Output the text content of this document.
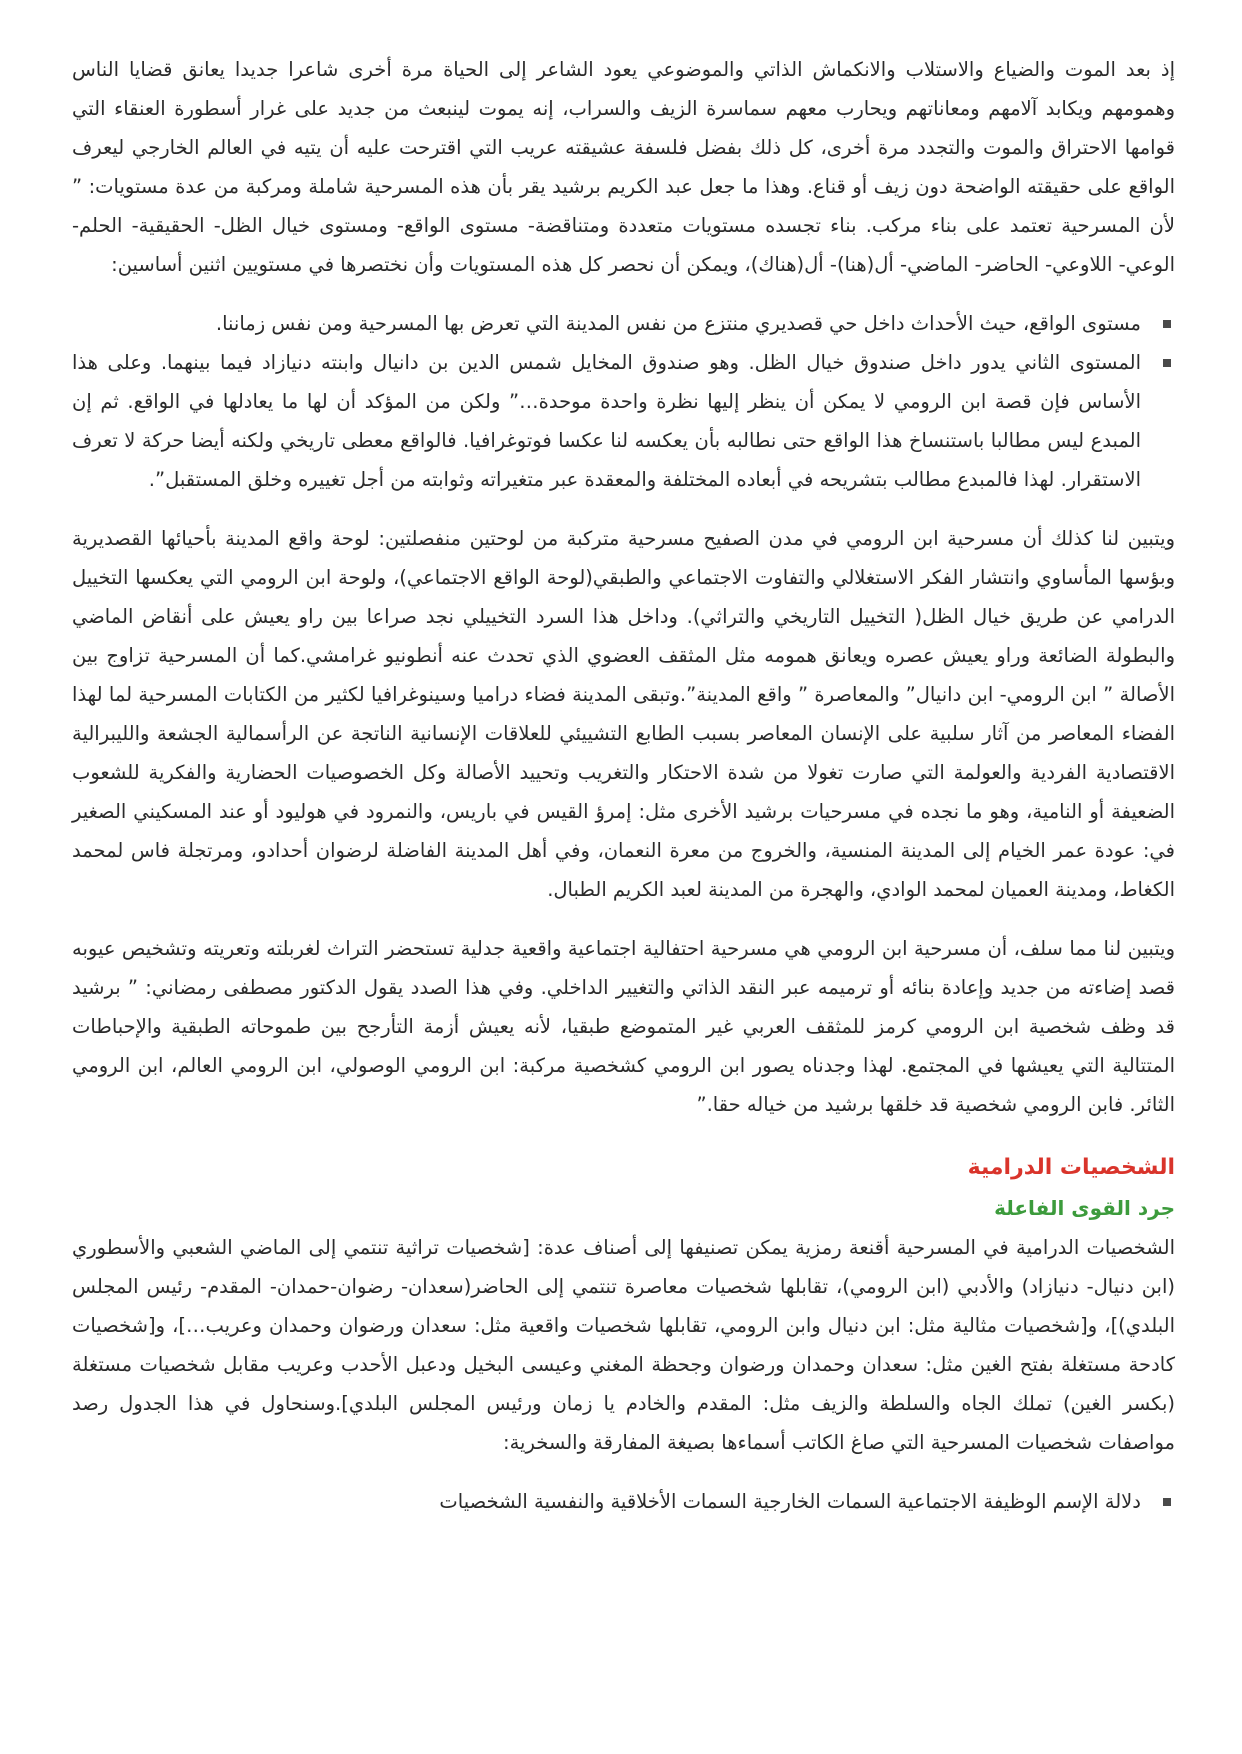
إذ بعد الموت والضياع والاستلاب والانكماش الذاتي والموضوعي يعود الشاعر إلى الحياة مرة أخرى شاعرا جديدا يعانق قضايا الناس وهمومهم ويكابد آلامهم ومعاناتهم ويحارب معهم سماسرة الزيف والسراب، إنه يموت لينبعث من جديد على غرار أسطورة العنقاء التي قوامها الاحتراق والموت والتجدد مرة أخرى، كل ذلك بفضل فلسفة عشيقته عريب التي اقترحت عليه أن يتيه في العالم الخارجي ليعرف الواقع على حقيقته الواضحة دون زيف أو قناع. وهذا ما جعل عبد الكريم برشيد يقر بأن هذه المسرحية شاملة ومركبة من عدة مستويات: ” لأن المسرحية تعتمد على بناء مركب. بناء تجسده مستويات متعددة ومتناقضة- مستوى الواقع- ومستوى خيال الظل- الحقيقية- الحلم- الوعي- اللاوعي- الحاضر- الماضي- أل(هنا)- أل(هناك)، ويمكن أن نحصر كل هذه المستويات وأن نختصرها في مستويين اثنين أساسين:

مستوى الواقع، حيث الأحداث داخل حي قصديري منتزع من نفس المدينة التي تعرض بها المسرحية ومن نفس زماننا.
المستوى الثاني يدور داخل صندوق خيال الظل. وهو صندوق المخايل شمس الدين بن دانيال وابنته دنيازاد فيما بينهما. وعلى هذا الأساس فإن قصة ابن الرومي لا يمكن أن ينظر إليها نظرة واحدة موحدة…” ولكن من المؤكد أن لها ما يعادلها في الواقع. ثم إن المبدع ليس مطالبا باستنساخ هذا الواقع حتى نطالبه بأن يعكسه لنا عكسا فوتوغرافيا. فالواقع معطى تاريخي ولكنه أيضا حركة لا تعرف الاستقرار. لهذا فالمبدع مطالب بتشريحه في أبعاده المختلفة والمعقدة عبر متغيراته وثوابته من أجل تغييره وخلق المستقبل”.

ويتبين لنا كذلك أن مسرحية ابن الرومي في مدن الصفيح مسرحية متركبة من لوحتين منفصلتين: لوحة واقع المدينة بأحيائها القصديرية وبؤسها المأساوي وانتشار الفكر الاستغلالي والتفاوت الاجتماعي والطبقي(لوحة الواقع الاجتماعي)، ولوحة ابن الرومي التي يعكسها التخييل الدرامي عن طريق خيال الظل( التخييل التاريخي والتراثي). وداخل هذا السرد التخييلي نجد صراعا بين راو يعيش على أنقاض الماضي والبطولة الضائعة وراو يعيش عصره ويعانق همومه مثل المثقف العضوي الذي تحدث عنه أنطونيو غرامشي.كما أن المسرحية تزاوج بين الأصالة ” ابن الرومي- ابن دانيال” والمعاصرة ” واقع المدينة”.وتبقى المدينة فضاء دراميا وسينوغرافيا لكثير من الكتابات المسرحية لما لهذا الفضاء المعاصر من آثار سلبية على الإنسان المعاصر بسبب الطابع التشييئي للعلاقات الإنسانية الناتجة عن الرأسمالية الجشعة والليبرالية الاقتصادية الفردية والعولمة التي صارت تغولا من شدة الاحتكار والتغريب وتحييد الأصالة وكل الخصوصيات الحضارية والفكرية للشعوب الضعيفة أو النامية، وهو ما نجده في مسرحيات برشيد الأخرى مثل: إمرؤ القيس في باريس، والنمرود في هوليود أو عند المسكيني الصغير في: عودة عمر الخيام إلى المدينة المنسية، والخروج من معرة النعمان، وفي أهل المدينة الفاضلة لرضوان أحدادو، ومرتجلة فاس لمحمد الكغاط، ومدينة العميان لمحمد الوادي، والهجرة من المدينة لعبد الكريم الطبال.

ويتبين لنا مما سلف، أن مسرحية ابن الرومي هي مسرحية احتفالية اجتماعية واقعية جدلية تستحضر التراث لغربلته وتعريته وتشخيص عيوبه قصد إضاءته من جديد وإعادة بنائه أو ترميمه عبر النقد الذاتي والتغيير الداخلي. وفي هذا الصدد يقول الدكتور مصطفى رمضاني: ” برشيد قد وظف شخصية ابن الرومي كرمز للمثقف العربي غير المتموضع طبقيا، لأنه يعيش أزمة التأرجح بين طموحاته الطبقية والإحباطات المتتالية التي يعيشها في المجتمع. لهذا وجدناه يصور ابن الرومي كشخصية مركبة: ابن الرومي الوصولي، ابن الرومي العالم، ابن الرومي الثائر. فابن الرومي شخصية قد خلقها برشيد من خياله حقا.”

الشخصيات الدرامية
جرد القوى الفاعلة

الشخصيات الدرامية في المسرحية أقنعة رمزية يمكن تصنيفها إلى أصناف عدة: [شخصيات تراثية تنتمي إلى الماضي الشعبي والأسطوري (ابن دنيال- دنيازاد) والأدبي (ابن الرومي)، تقابلها شخصيات معاصرة تنتمي إلى الحاضر(سعدان- رضوان-حمدان- المقدم- رئيس المجلس البلدي)]، و[شخصيات مثالية مثل: ابن دنيال وابن الرومي، تقابلها شخصيات واقعية مثل: سعدان ورضوان وحمدان وعريب…]، و[شخصيات كادحة مستغلة بفتح الغين مثل: سعدان وحمدان ورضوان وجحظة المغني وعيسى البخيل ودعبل الأحدب وعريب مقابل شخصيات مستغلة (بكسر الغين) تملك الجاه والسلطة والزيف مثل: المقدم والخادم يا زمان ورئيس المجلس البلدي].وسنحاول في هذا الجدول رصد مواصفات شخصيات المسرحية التي صاغ الكاتب أسماءها بصيغة المفارقة والسخرية:

دلالة الإسم الوظيفة الاجتماعية السمات الخارجية السمات الأخلاقية والنفسية الشخصيات
